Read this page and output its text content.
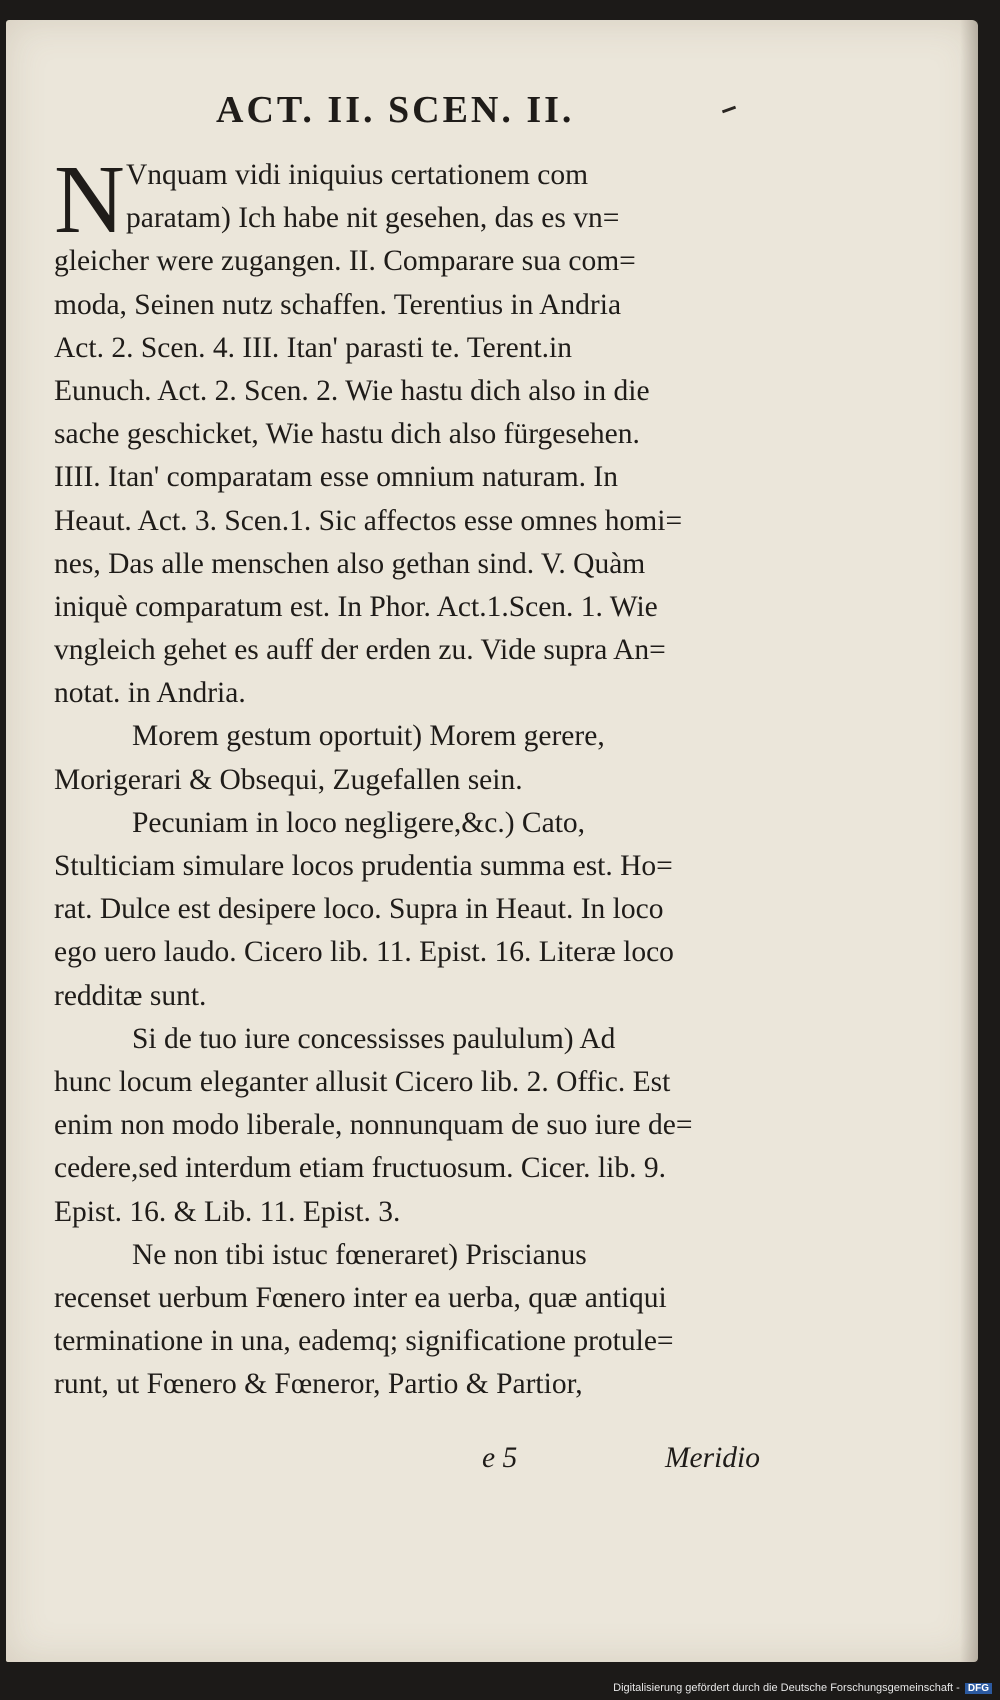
ACT. II. SCEN. II.
N Vnquam vidi iniquius certationem com
paratam) Ich habe nit gesehen, das es vn=
gleicher were zugangen. II. Comparare sua com=
moda, Seinen nutz schaffen. Terentius in Andria
Act. 2. Scen. 4. III. Itan' parasti te. Terent.in
Eunuch. Act. 2. Scen. 2. Wie hastu dich also in die
sache geschicket, Wie hastu dich also fürgesehen.
IIII. Itan' comparatam esse omnium naturam. In
Heaut. Act. 3. Scen.1. Sic affectos esse omnes homi=
nes, Das alle menschen also gethan sind. V. Quàm
iniquè comparatum est. In Phor. Act.1.Scen. 1. Wie
vngleich gehet es auff der erden zu. Vide supra An=
notat. in Andria.
Morem gestum oportuit) Morem gerere,
Morigerari & Obsequi, Zugefallen sein.
Pecuniam in loco negligere,&c.) Cato,
Stulticiam simulare locos prudentia summa est. Ho=
rat. Dulce est desipere loco. Supra in Heaut. In loco
ego uero laudo. Cicero lib. 11. Epist. 16. Literæ loco
redditæ sunt.
Si de tuo iure concessisses paululum) Ad
hunc locum eleganter allusit Cicero lib. 2. Offic. Est
enim non modo liberale, nonnunquam de suo iure de=
cedere,sed interdum etiam fructuosum. Cicer. lib. 9.
Epist. 16. & Lib. 11. Epist. 3.
Ne non tibi istuc fœneraret) Priscianus
recenset uerbum Fœnero inter ea uerba, quæ antiqui
terminatione in una, eademq; significatione protule=
runt, ut Fœnero & Fœneror, Partio & Partior,
e 5	Meridio
Digitalisierung gefördert durch die Deutsche Forschungsgemeinschaft - DFG
